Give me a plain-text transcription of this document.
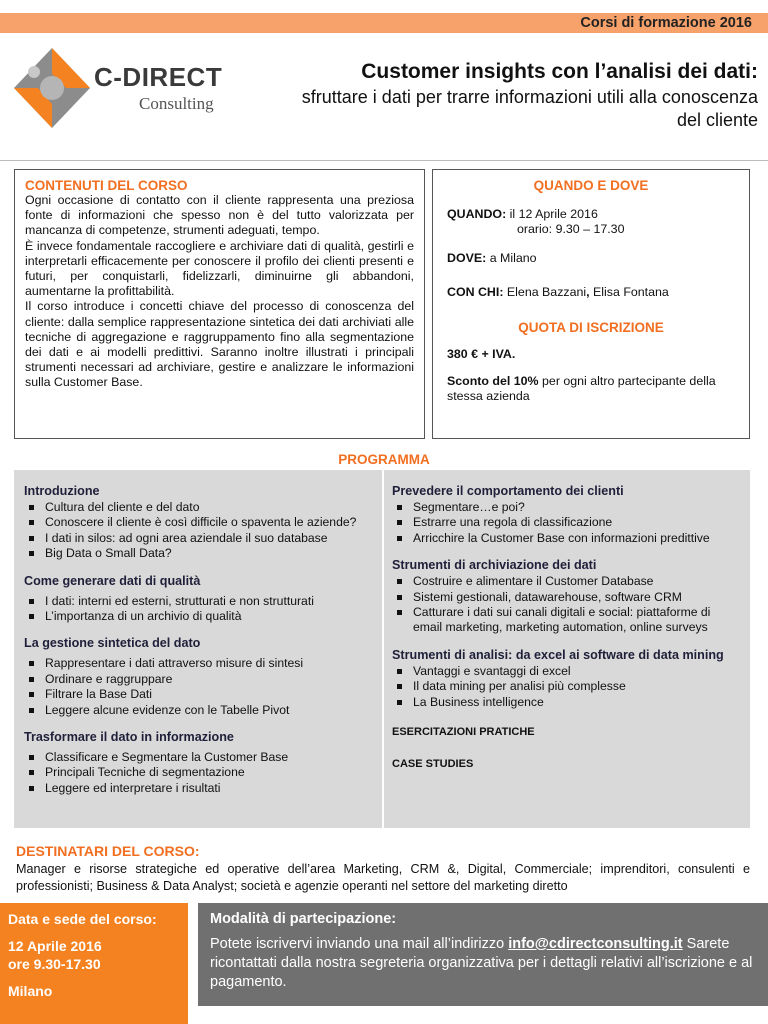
Corsi di formazione 2016
C-DIRECT
Consulting
Customer insights con l’analisi dei dati:
sfruttare i dati per trarre informazioni utili alla conoscenza del cliente
CONTENUTI DEL CORSO

Ogni occasione di contatto con il cliente rappresenta una preziosa fonte di informazioni che spesso non è del tutto valorizzata per mancanza di competenze, strumenti adeguati, tempo.

È invece fondamentale raccogliere e archiviare dati di qualità, gestirli e interpretarli efficacemente per conoscere il profilo dei clienti presenti e futuri, per conquistarli, fidelizzarli, diminuirne gli abbandoni, aumentarne la profittabilità.

Il corso introduce i concetti chiave del processo di conoscenza del cliente: dalla semplice rappresentazione sintetica dei dati archiviati alle tecniche di aggregazione e raggruppamento fino alla segmentazione dei dati e ai modelli predittivi. Saranno inoltre illustrati i principali strumenti necessari ad archiviare, gestire e analizzare le informazioni sulla Customer Base.

QUANDO E DOVE
QUANDO: il 12 Aprile 2016
orario: 9.30 – 17.30
DOVE: a Milano
CON CHI: Elena Bazzani, Elisa Fontana
QUOTA DI ISCRIZIONE
380 € + IVA.
Sconto del 10% per ogni altro partecipante della stessa azienda
PROGRAMMA
Introduzione
Cultura del cliente e del dato
Conoscere il cliente è così difficile o spaventa le aziende?
I dati in silos: ad ogni area aziendale il suo database
Big Data o Small Data?
Come generare dati di qualità
I dati: interni ed esterni, strutturati e non strutturati
L’importanza di un archivio di qualità
La gestione sintetica del dato
Rappresentare i dati attraverso misure di sintesi
Ordinare e raggruppare
Filtrare la Base Dati
Leggere alcune evidenze con le Tabelle Pivot
Trasformare il dato in informazione
Classificare e Segmentare la Customer Base
Principali Tecniche di segmentazione
Leggere ed interpretare i risultati
Prevedere il comportamento dei clienti
Segmentare…e poi?
Estrarre una regola di classificazione
Arricchire la Customer Base con informazioni predittive
Strumenti di archiviazione dei dati
Costruire e alimentare il Customer Database
Sistemi gestionali, datawarehouse, software CRM
Catturare i dati sui canali digitali e social: piattaforme di email marketing, marketing automation, online surveys
Strumenti di analisi: da excel ai software di data mining
Vantaggi e svantaggi di excel
Il data mining per analisi più complesse
La Business intelligence
ESERCITAZIONI PRATICHE
CASE STUDIES
DESTINATARI DEL CORSO:

Manager e risorse strategiche ed operative dell’area Marketing, CRM &, Digital, Commerciale; imprenditori, consulenti e professionisti; Business & Data Analyst; società e agenzie operanti nel settore del marketing diretto

Data e sede del corso:
12 Aprile 2016
ore 9.30-17.30
Milano
Modalità di partecipazione:
Potete iscrivervi inviando una mail all’indirizzo info@cdirectconsulting.it Sarete ricontattati dalla nostra segreteria organizzativa per i dettagli relativi all’iscrizione e al pagamento.
